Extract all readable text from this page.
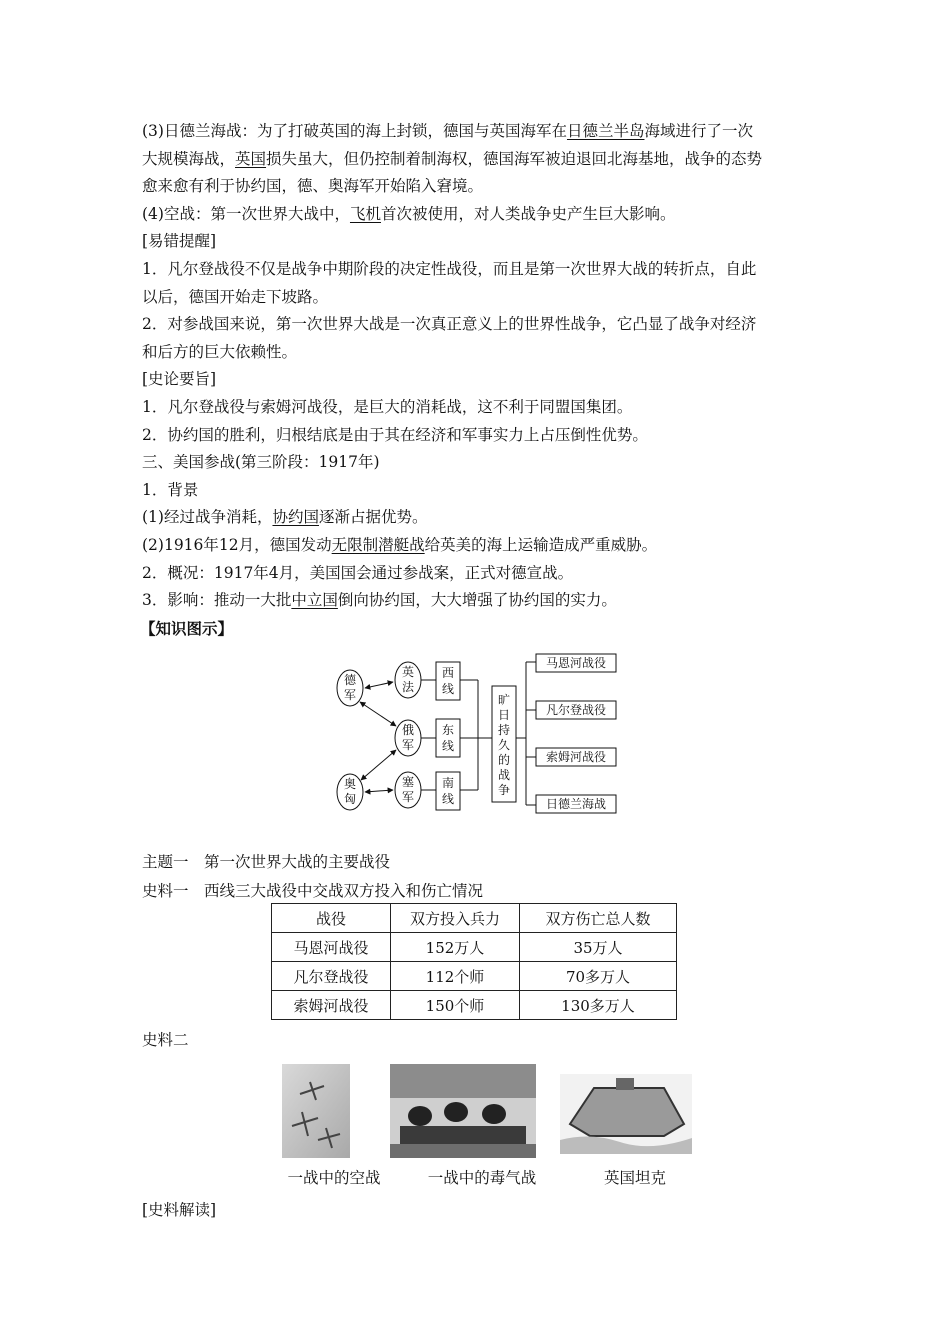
(3)日德兰海战：为了打破英国的海上封锁，德国与英国海军在日德兰半岛海域进行了一次

大规模海战，英国损失虽大，但仍控制着制海权，德国海军被迫退回北海基地，战争的态势

愈来愈有利于协约国，德、奥海军开始陷入窘境。

(4)空战：第一次世界大战中，飞机首次被使用，对人类战争史产生巨大影响。

[易错提醒]

1．凡尔登战役不仅是战争中期阶段的决定性战役，而且是第一次世界大战的转折点，自此

以后，德国开始走下坡路。

2．对参战国来说，第一次世界大战是一次真正意义上的世界性战争，它凸显了战争对经济

和后方的巨大依赖性。

[史论要旨]

1．凡尔登战役与索姆河战役，是巨大的消耗战，这不利于同盟国集团。

2．协约国的胜利，归根结底是由于其在经济和军事实力上占压倒性优势。

三、美国参战(第三阶段：1917年)

1．背景

(1)经过战争消耗，协约国逐渐占据优势。

(2)1916年12月，德国发动无限制潜艇战给英美的海上运输造成严重威胁。

2．概况：1917年4月，美国国会通过参战案，正式对德宣战。

3．影响：推动一大批中立国倒向协约国，大大增强了协约国的实力。

【知识图示】

德
军
奥
匈
英
法
俄
军
塞
军
西
线
东
线
南
线
旷
日
持
久
的
战
争
马恩河战役
凡尔登战役
索姆河战役
日德兰海战
主题一　第一次世界大战的主要战役
史料一　西线三大战役中交战双方投入和伤亡情况
战役	双方投入兵力	双方伤亡总人数
马恩河战役	152万人	35万人
凡尔登战役	112个师	70多万人
索姆河战役	150个师	130多万人
史料二
一战中的空战	一战中的毒气战	英国坦克
[史料解读]
